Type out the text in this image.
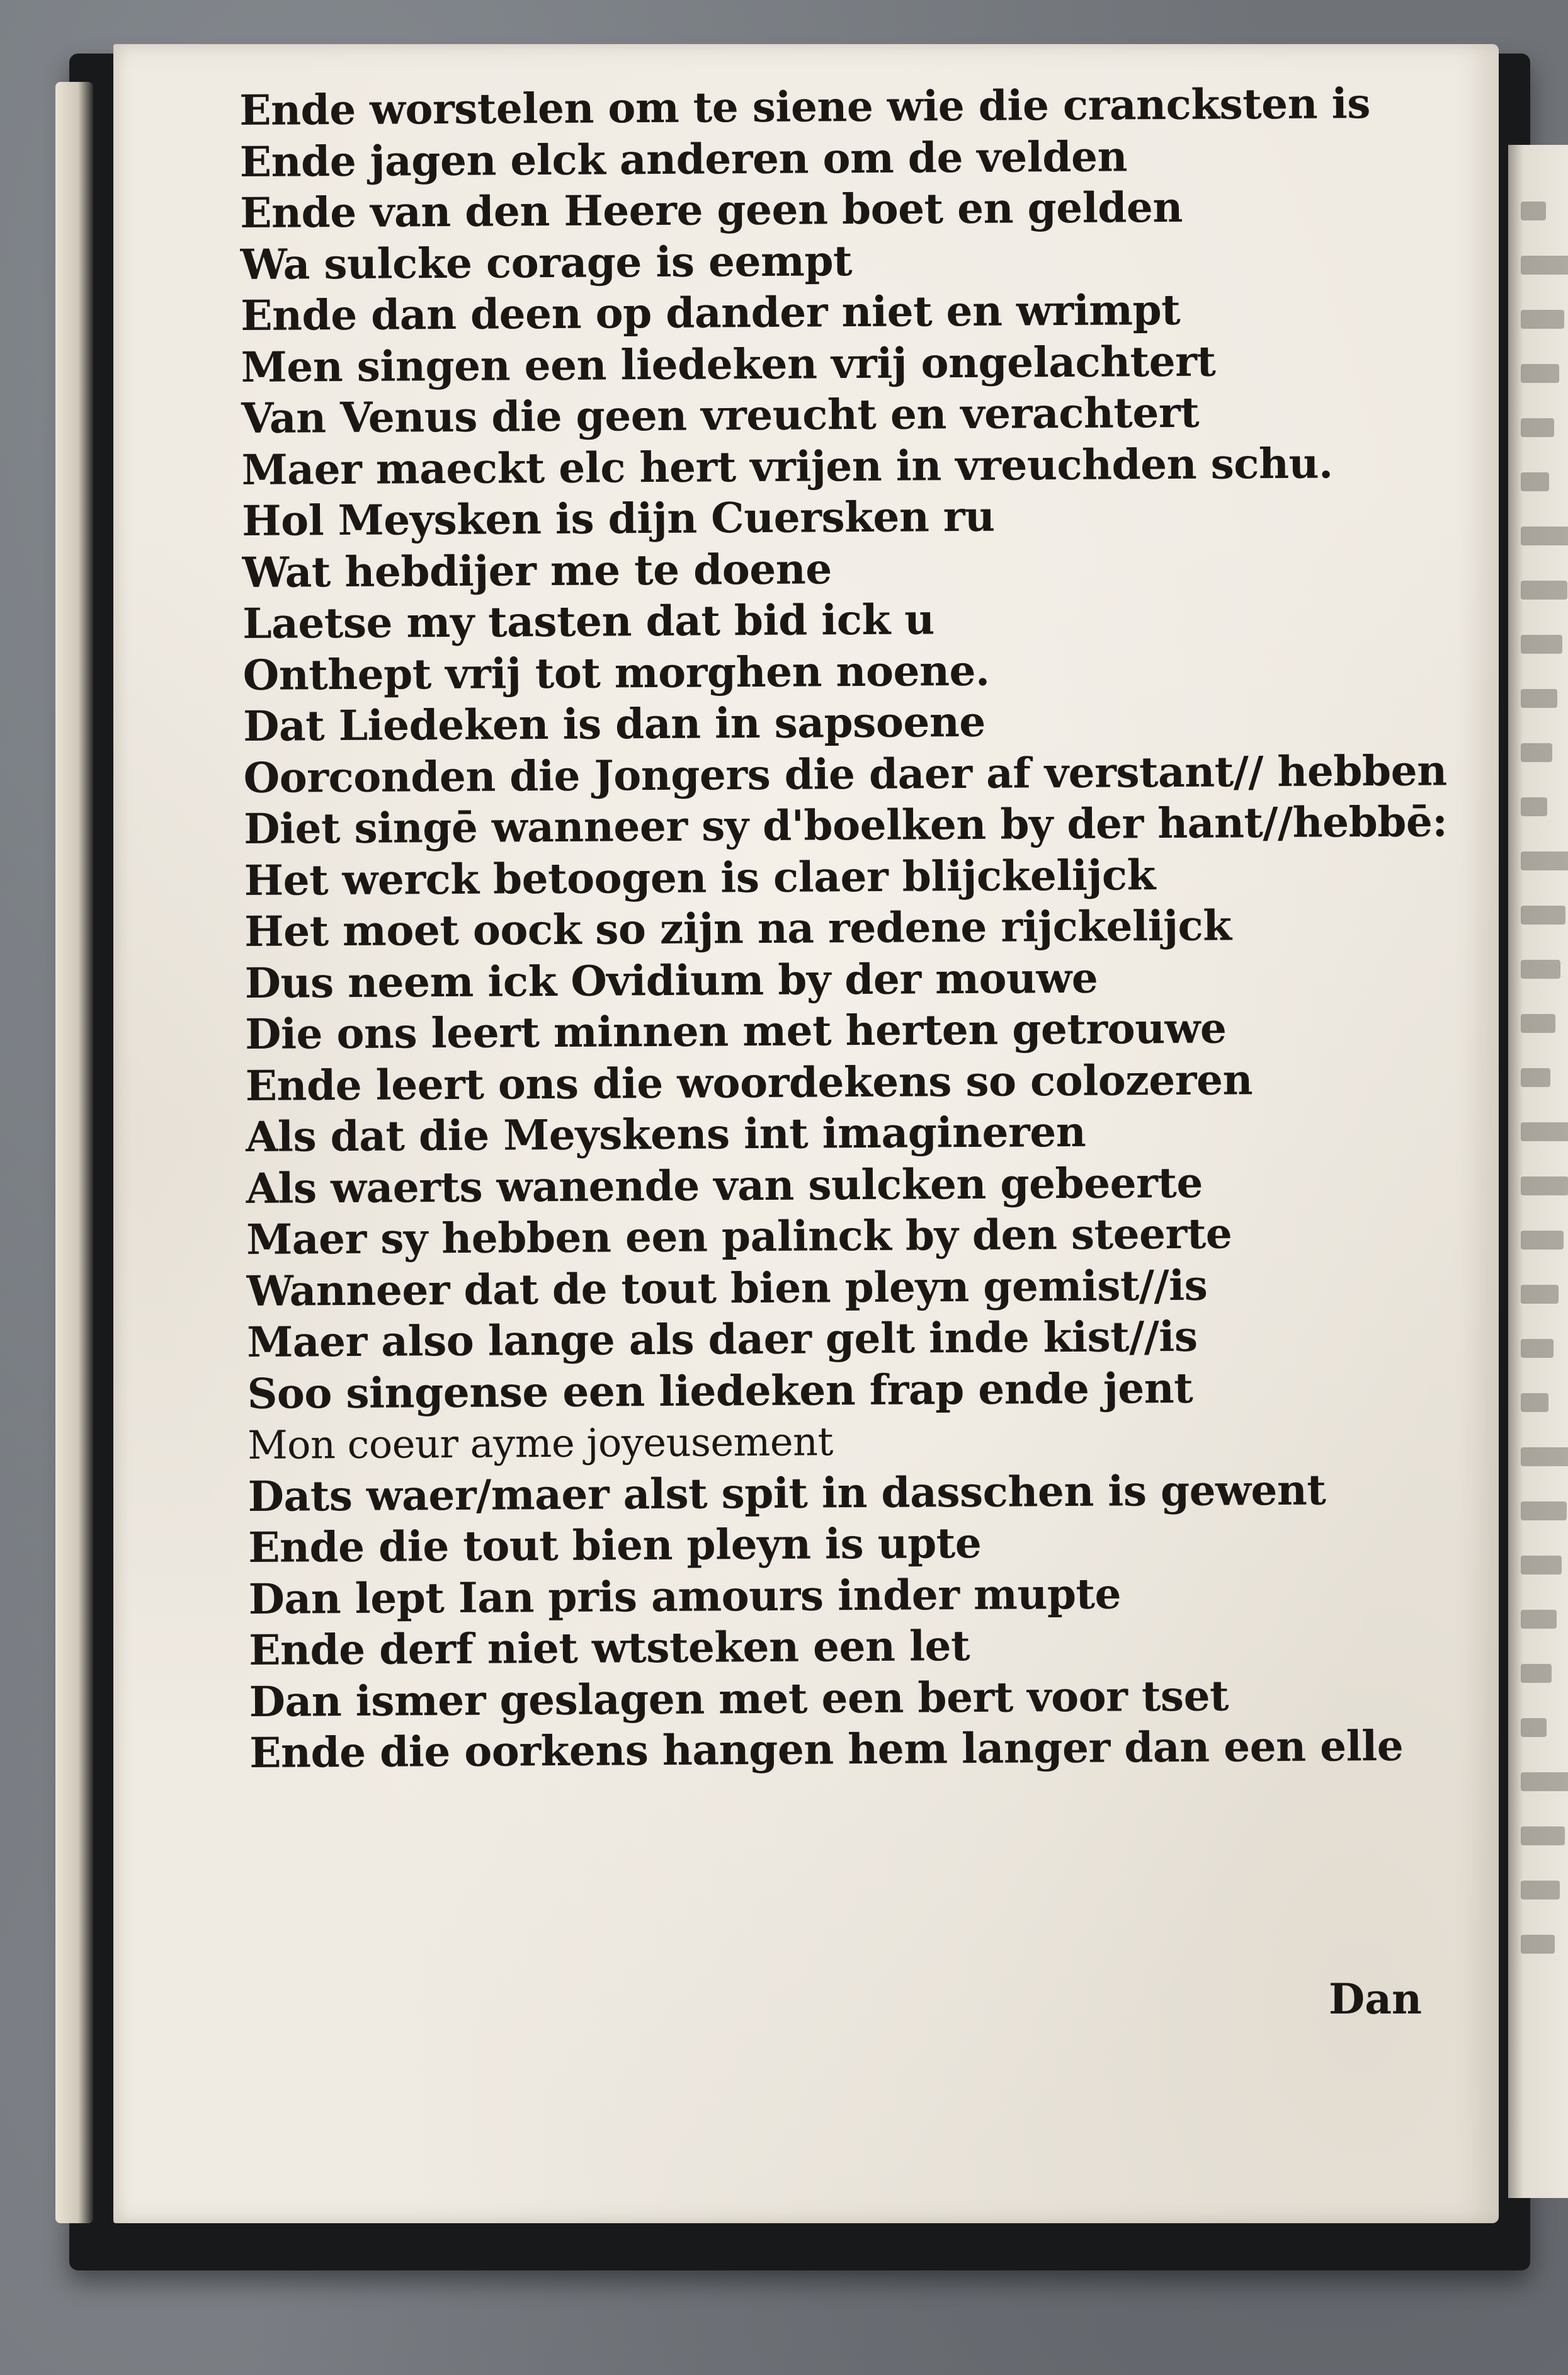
Ende worstelen om te siene wie die crancksten is
Ende jagen elck anderen om de velden
Ende van den Heere geen boet en gelden
Wa sulcke corage is eempt
Ende dan deen op dander niet en wrimpt
Men singen een liedeken vrij ongelachtert
Van Venus die geen vreucht en verachtert
Maer maeckt elc hert vrijen in vreuchden schu.
Hol Meysken is dijn Cuersken ru
Wat hebdijer me te doene
Laetse my tasten dat bid ick u
Onthept vrij tot morghen noene.
Dat Liedeken is dan in sapsoene
Oorconden die Jongers die daer af verstant// hebben
Diet singē wanneer sy d'boelken by der hant//hebbē:
Het werck betoogen is claer blijckelijck
Het moet oock so zijn na redene rijckelijck
Dus neem ick Ovidium by der mouwe
Die ons leert minnen met herten getrouwe
Ende leert ons die woordekens so colozeren
Als dat die Meyskens int imagineren
Als waerts wanende van sulcken gebeerte
Maer sy hebben een palinck by den steerte
Wanneer dat de tout bien pleyn gemist//is
Maer also lange als daer gelt inde kist//is
Soo singense een liedeken frap ende jent
Mon coeur ayme joyeusement
Dats waer/maer alst spit in dasschen is gewent
Ende die tout bien pleyn is upte
Dan lept Ian pris amours inder mupte
Ende derf niet wtsteken een let
Dan ismer geslagen met een bert voor tset
Ende die oorkens hangen hem langer dan een elle
Dan
